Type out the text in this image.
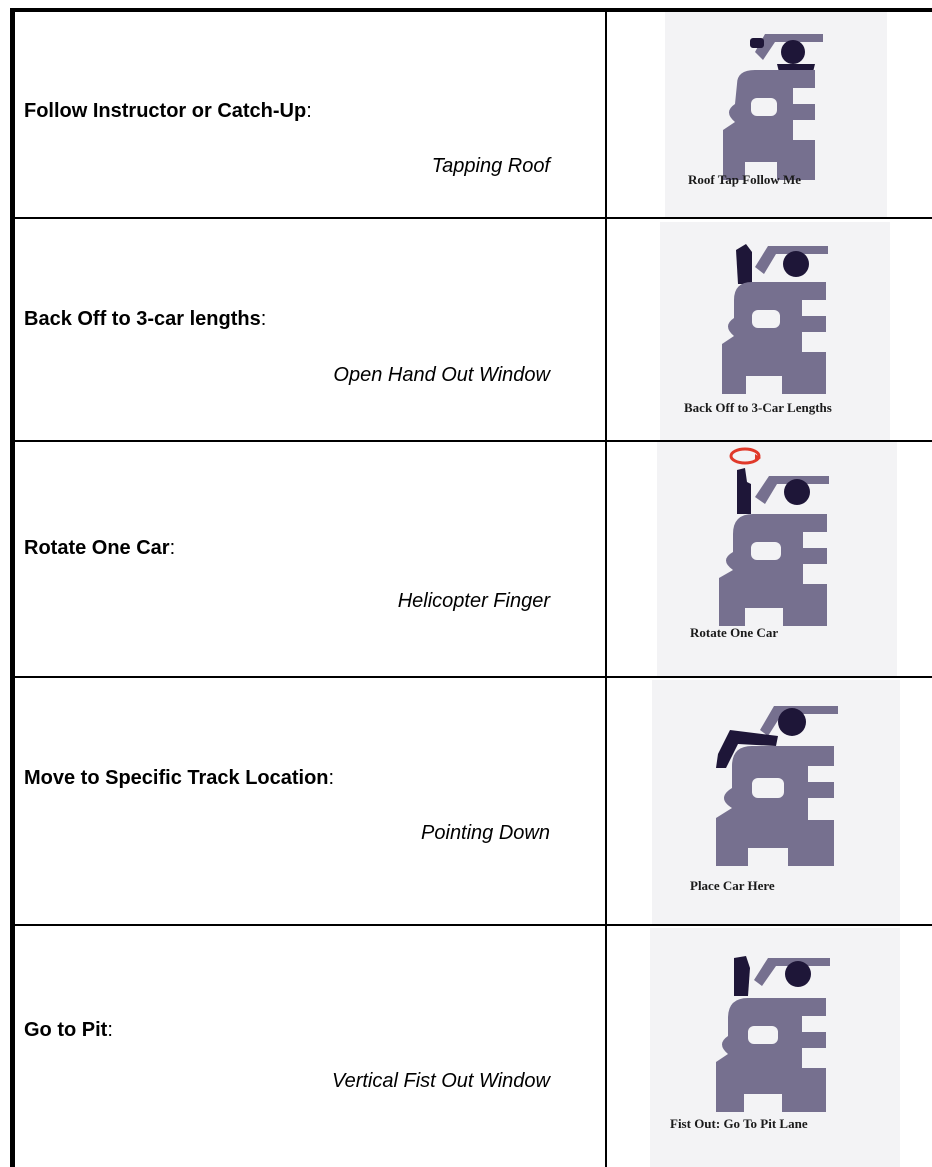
Follow Instructor or Catch-Up:
Tapping Roof
Roof Tap Follow Me
Back Off to 3-car lengths:
Open Hand Out Window
Back Off to 3-Car Lengths
Rotate One Car:
Helicopter Finger
Rotate One Car
Move to Specific Track Location:
Pointing Down
Place Car Here
Go to Pit:
Vertical Fist Out Window
Fist Out: Go To Pit Lane
